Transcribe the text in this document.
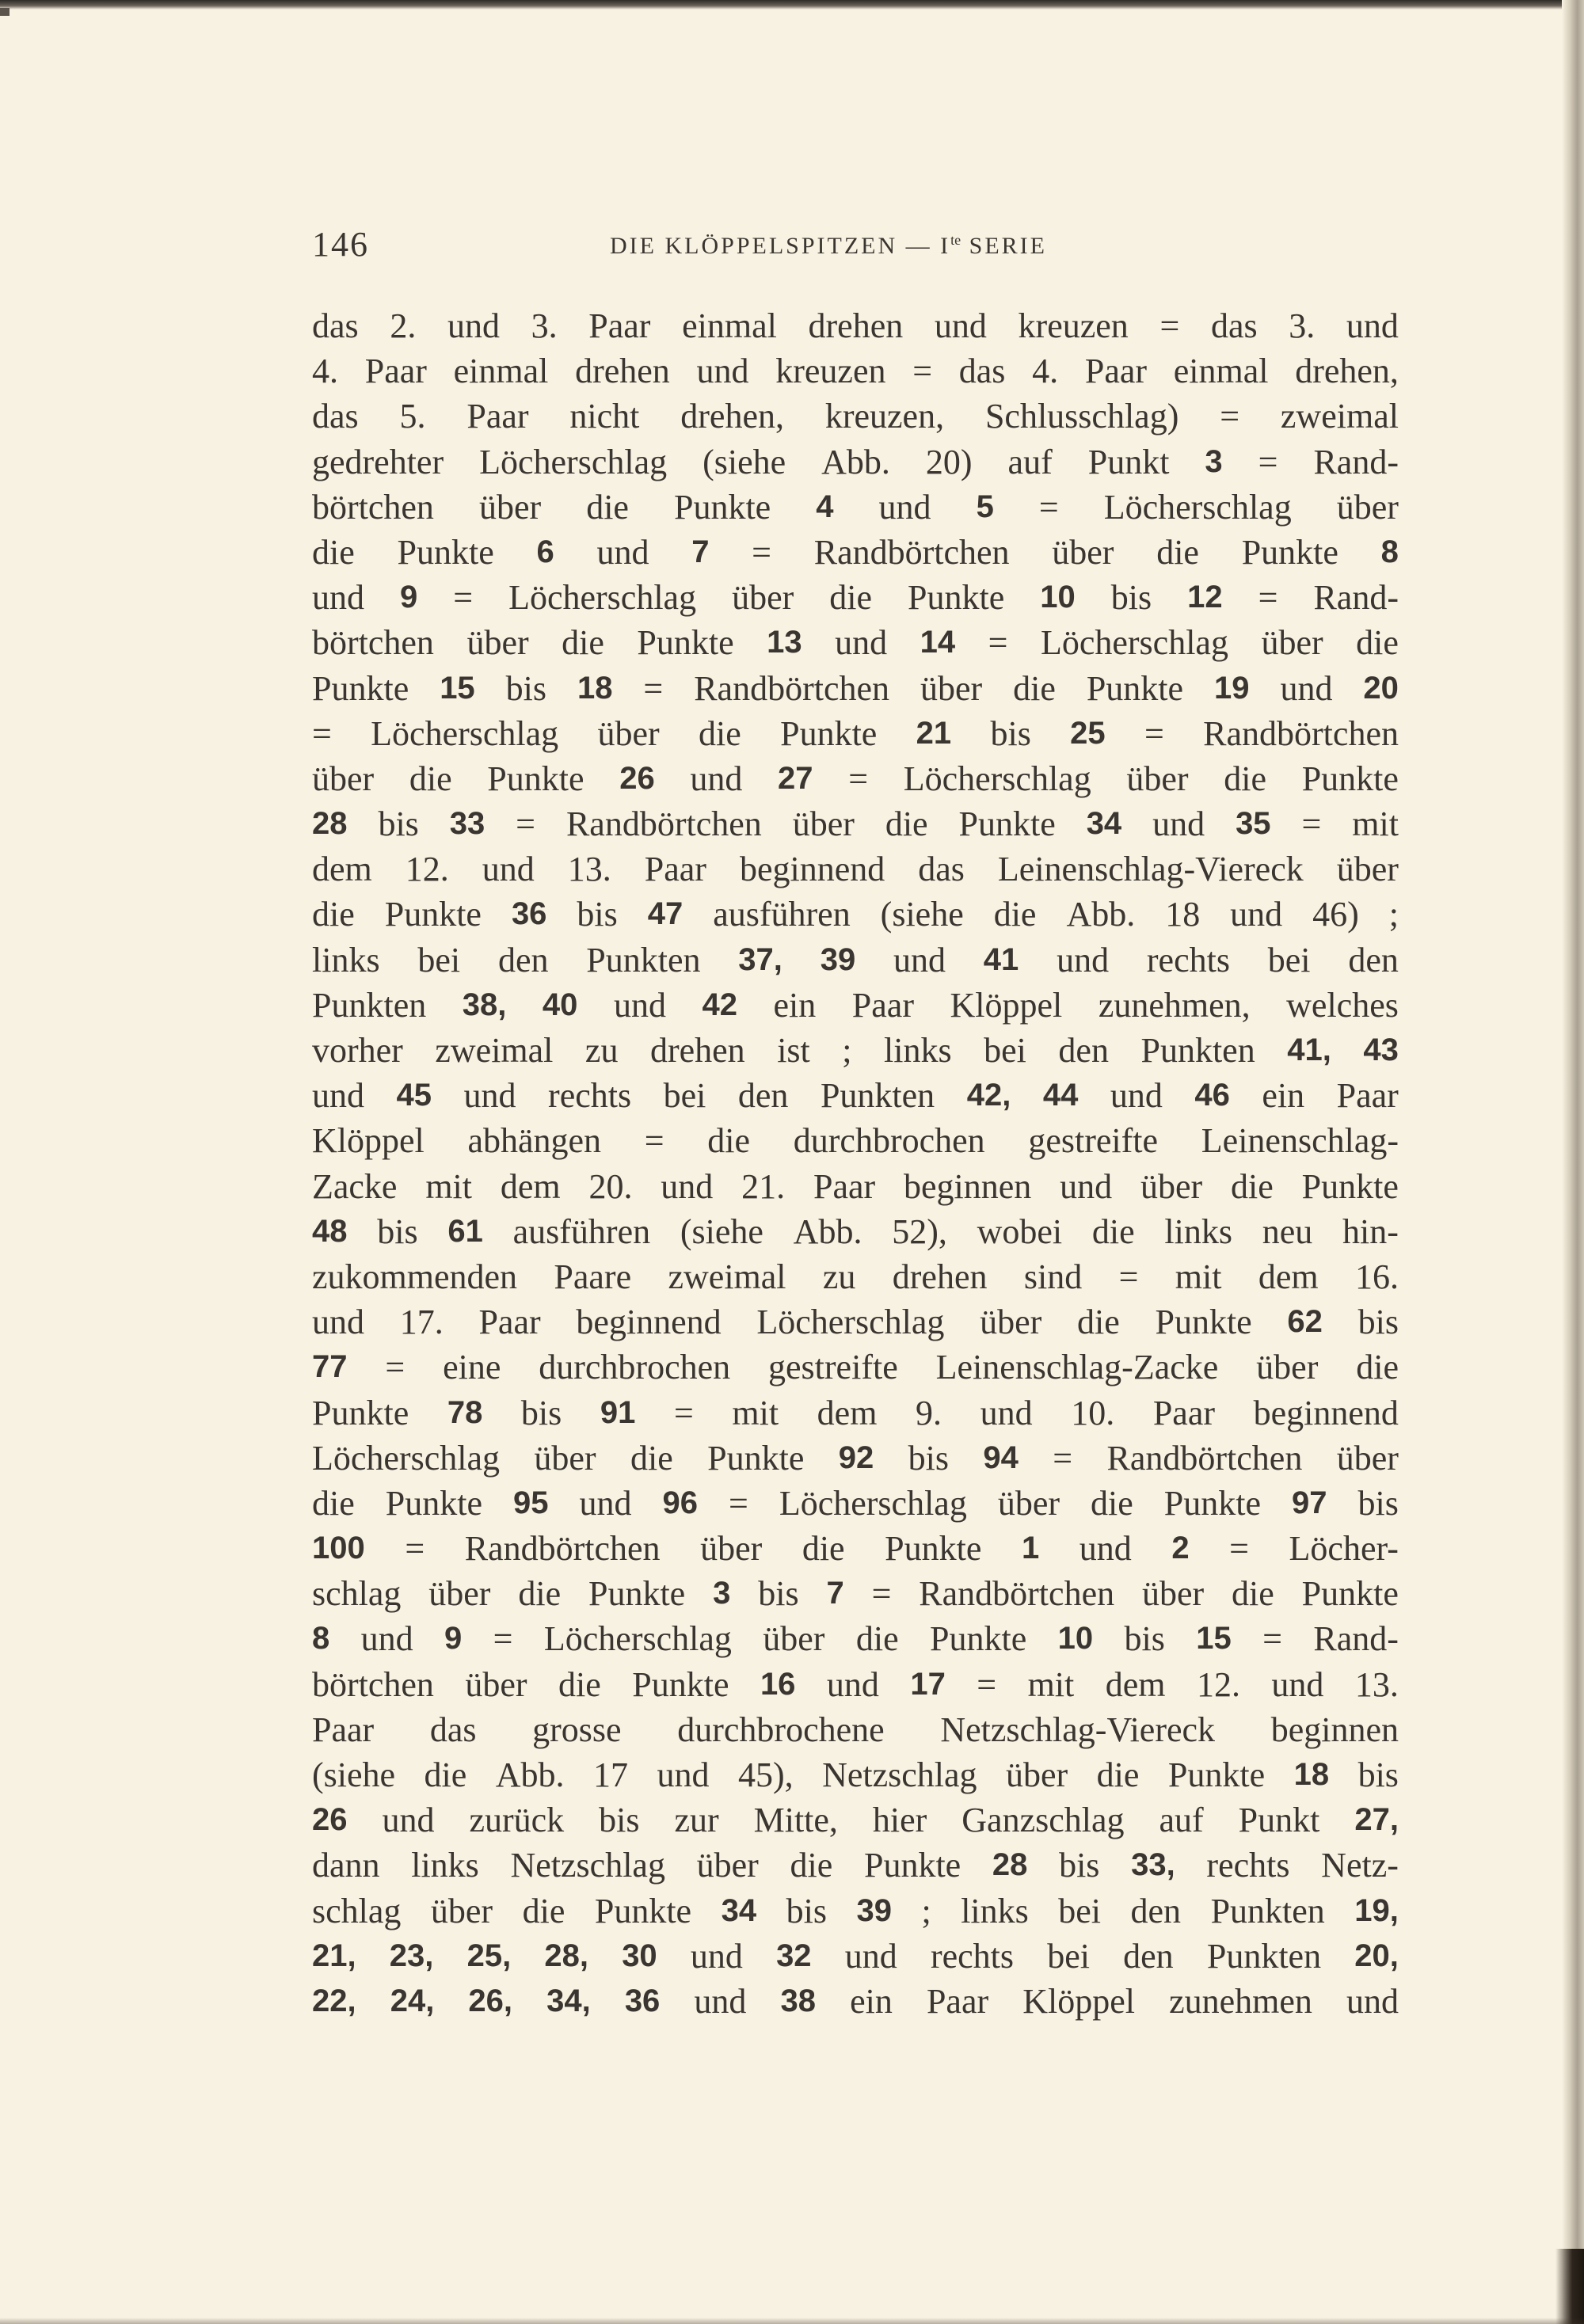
146	DIE KLÖPPELSPITZEN — $I^{te}$ SERIE
das 2. und 3. Paar einmal drehen und kreuzen = das 3. und
4. Paar einmal drehen und kreuzen = das 4. Paar einmal drehen,
das 5. Paar nicht drehen, kreuzen, Schlusschlag) = zweimal
gedrehter Löcherschlag (siehe Abb. 20) auf Punkt 3 = Rand-
börtchen über die Punkte 4 und 5 = Löcherschlag über
die Punkte 6 und 7 = Randbörtchen über die Punkte 8
und 9 = Löcherschlag über die Punkte 10 bis 12 = Rand-
börtchen über die Punkte 13 und 14 = Löcherschlag über die
Punkte 15 bis 18 = Randbörtchen über die Punkte 19 und 20
= Löcherschlag über die Punkte 21 bis 25 = Randbörtchen
über die Punkte 26 und 27 = Löcherschlag über die Punkte
28 bis 33 = Randbörtchen über die Punkte 34 und 35 = mit
dem 12. und 13. Paar beginnend das Leinenschlag-Viereck über
die Punkte 36 bis 47 ausführen (siehe die Abb. 18 und 46) ;
links bei den Punkten 37, 39 und 41 und rechts bei den
Punkten 38, 40 und 42 ein Paar Klöppel zunehmen, welches
vorher zweimal zu drehen ist ; links bei den Punkten 41, 43
und 45 und rechts bei den Punkten 42, 44 und 46 ein Paar
Klöppel abhängen = die durchbrochen gestreifte Leinenschlag-
Zacke mit dem 20. und 21. Paar beginnen und über die Punkte
48 bis 61 ausführen (siehe Abb. 52), wobei die links neu hin-
zukommenden Paare zweimal zu drehen sind = mit dem 16.
und 17. Paar beginnend Löcherschlag über die Punkte 62 bis
77 = eine durchbrochen gestreifte Leinenschlag-Zacke über die
Punkte 78 bis 91 = mit dem 9. und 10. Paar beginnend
Löcherschlag über die Punkte 92 bis 94 = Randbörtchen über
die Punkte 95 und 96 = Löcherschlag über die Punkte 97 bis
100 = Randbörtchen über die Punkte 1 und 2 = Löcher-
schlag über die Punkte 3 bis 7 = Randbörtchen über die Punkte
8 und 9 = Löcherschlag über die Punkte 10 bis 15 = Rand-
börtchen über die Punkte 16 und 17 = mit dem 12. und 13.
Paar das grosse durchbrochene Netzschlag-Viereck beginnen
(siehe die Abb. 17 und 45), Netzschlag über die Punkte 18 bis
26 und zurück bis zur Mitte, hier Ganzschlag auf Punkt 27,
dann links Netzschlag über die Punkte 28 bis 33, rechts Netz-
schlag über die Punkte 34 bis 39 ; links bei den Punkten 19,
21, 23, 25, 28, 30 und 32 und rechts bei den Punkten 20,
22, 24, 26, 34, 36 und 38 ein Paar Klöppel zunehmen und
